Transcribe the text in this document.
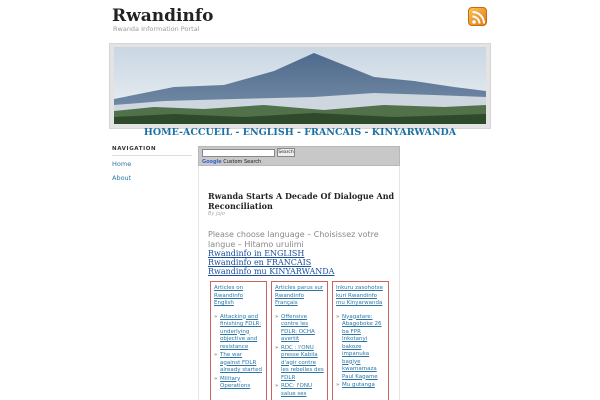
Rwandinfo
Rwanda Information Portal
HOME-ACCUEIL - ENGLISH - FRANCAIS - KINYARWANDA
NAVIGATION
Home
About
Search
Google Custom Search
Rwanda Starts A Decade Of Dialogue And Reconciliation
By jojo
Please choose language – Choisissez votre langue – Hitamo urulimi
Rwandinfo in ENGLISH
Rwandinfo en FRANCAIS
Rwandinfo mu KINYARWANDA
Articles on Rwandinfo English
» Attacking and finishing FDLR: underlying objective and resistance
» The war against FDLR already started
» Military Operations
Articles parus sur Rwandinfo Français
» Offensive contre les FDLR: OCHA avertit
» RDC : l'ONU presse Kabila d'agir contre les rebelles des FDLR
» RDC: l'ONU salue ses
Inkuru zasohotse kuri Rwandinfo mu Kinyarwanda
» Nyagatare: Abagoboke 26 ba FPR Inkotanyi bakoze impanuka bagiye kwamamaza Paul Kagame
» Mu gutanga
